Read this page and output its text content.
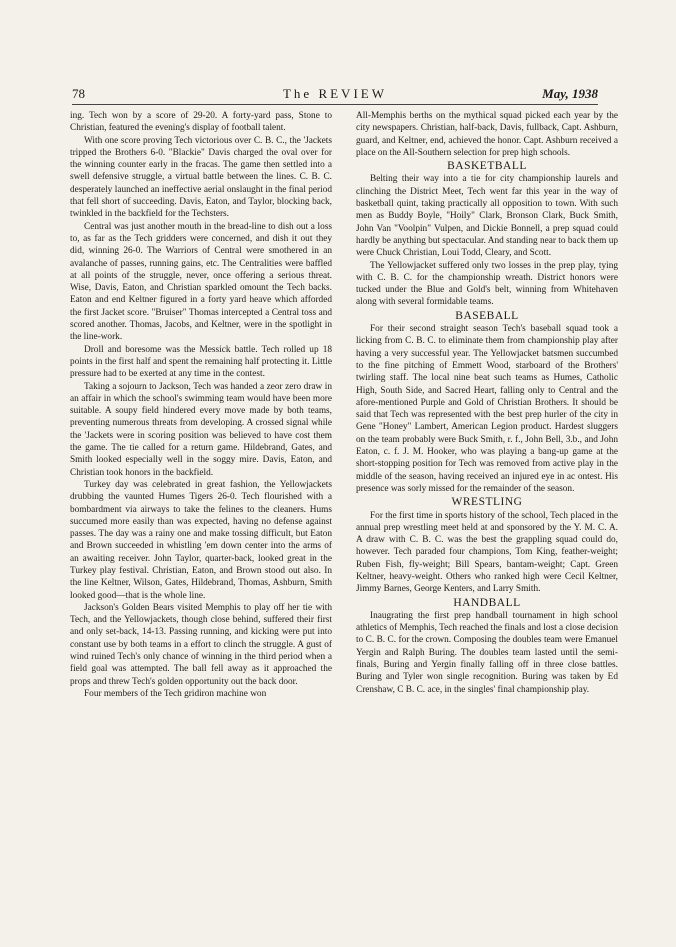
78	The REVIEW	May, 1938

ing. Tech won by a score of 29-20. A forty-yard pass, Stone to Christian, featured the evening's display of football talent.

With one score proving Tech victorious over C. B. C., the 'Jackets tripped the Brothers 6-0. "Blackie" Davis charged the oval over for the winning counter early in the fracas. The game then settled into a swell defensive struggle, a virtual battle between the lines. C. B. C. desperately launched an ineffective aerial onslaught in the final period that fell short of succeeding. Davis, Eaton, and Taylor, blocking back, twinkled in the backfield for the Techsters.

Central was just another mouth in the bread-line to dish out a loss to, as far as the Tech gridders were concerned, and dish it out they did, winning 26-0. The Warriors of Central were smothered in an avalanche of passes, running gains, etc. The Centralities were baffled at all points of the struggle, never, once offering a serious threat. Wise, Davis, Eaton, and Christian sparkled omount the Tech backs. Eaton and end Keltner figured in a forty yard heave which afforded the first Jacket score. "Bruiser" Thomas intercepted a Central toss and scored another. Thomas, Jacobs, and Keltner, were in the spotlight in the line-work.

Droll and boresome was the Messick battle. Tech rolled up 18 points in the first half and spent the remaining half protecting it. Little pressure had to be exerted at any time in the contest.

Taking a sojourn to Jackson, Tech was handed a zeor zero draw in an affair in which the school's swimming team would have been more suitable. A soupy field hindered every move made by both teams, preventing numerous threats from developing. A crossed signal while the 'Jackets were in scoring position was believed to have cost them the game. The tie called for a return game. Hildebrand, Gates, and Smith looked especially well in the soggy mire. Davis, Eaton, and Christian took honors in the backfield.

Turkey day was celebrated in great fashion, the Yellowjackets drubbing the vaunted Humes Tigers 26-0. Tech flourished with a bombardment via airways to take the felines to the cleaners. Hums succumed more easily than was expected, having no defense against passes. The day was a rainy one and make tossing difficult, but Eaton and Brown succeeded in whistling 'em down center into the arms of an awaiting receiver. John Taylor, quarter-back, looked great in the Turkey play festival. Christian, Eaton, and Brown stood out also. In the line Keltner, Wilson, Gates, Hildebrand, Thomas, Ashburn, Smith looked good—that is the whole line.

Jackson's Golden Bears visited Memphis to play off her tie with Tech, and the Yellowjackets, though close behind, suffered their first and only set-back, 14-13. Passing running, and kicking were put into constant use by both teams in a effort to clinch the struggle. A gust of wind ruined Tech's only chance of winning in the third period when a field goal was attempted. The ball fell away as it approached the props and threw Tech's golden opportunity out the back door.

Four members of the Tech gridiron machine won

All-Memphis berths on the mythical squad picked each year by the city newspapers. Christian, half-back, Davis, fullback, Capt. Ashburn, guard, and Keltner, end, achieved the honor. Capt. Ashburn received a place on the All-Southern selection for prep high schools.

BASKETBALL

Belting their way into a tie for city championship laurels and clinching the District Meet, Tech went far this year in the way of basketball quint, taking practically all opposition to town. With such men as Buddy Boyle, "Hoily" Clark, Bronson Clark, Buck Smith, John Van "Voolpin" Vulpen, and Dickie Bonnell, a prep squad could hardly be anything but spectacular. And standing near to back them up were Chuck Christian, Loui Todd, Cleary, and Scott.

The Yellowjacket suffered only two losses in the prep play, tying with C. B. C. for the championship wreath. District honors were tucked under the Blue and Gold's belt, winning from Whitehaven along with several formidable teams.

BASEBALL

For their second straight season Tech's baseball squad took a licking from C. B. C. to eliminate them from championship play after having a very successful year. The Yellowjacket batsmen succumbed to the fine pitching of Emmett Wood, starboard of the Brothers' twirling staff. The local nine beat such teams as Humes, Catholic High, South Side, and Sacred Heart, falling only to Central and the afore-mentioned Purple and Gold of Christian Brothers. It should be said that Tech was represented with the best prep hurler of the city in Gene "Honey" Lambert, American Legion product. Hardest sluggers on the team probably were Buck Smith, r. f., John Bell, 3.b., and John Eaton, c. f. J. M. Hooker, who was playing a bang-up game at the short-stopping position for Tech was removed from active play in the middle of the season, having received an injured eye in ac ontest. His presence was sorly missed for the remainder of the season.

WRESTLING

For the first time in sports history of the school, Tech placed in the annual prep wrestling meet held at and sponsored by the Y. M. C. A. A draw with C. B. C. was the best the grappling squad could do, however. Tech paraded four champions, Tom King, feather-weight; Ruben Fish, fly-weight; Bill Spears, bantam-weight; Capt. Green Keltner, heavy-weight. Others who ranked high were Cecil Keltner, Jimmy Barnes, George Kenters, and Larry Smith.

HANDBALL

Inaugrating the first prep handball tournament in high school athletics of Memphis, Tech reached the finals and lost a close decision to C. B. C. for the crown. Composing the doubles team were Emanuel Yergin and Ralph Buring. The doubles team lasted until the semi-finals, Buring and Yergin finally falling off in three close battles. Buring and Tyler won single recognition. Buring was taken by Ed Crenshaw, C B. C. ace, in the singles' final championship play.
